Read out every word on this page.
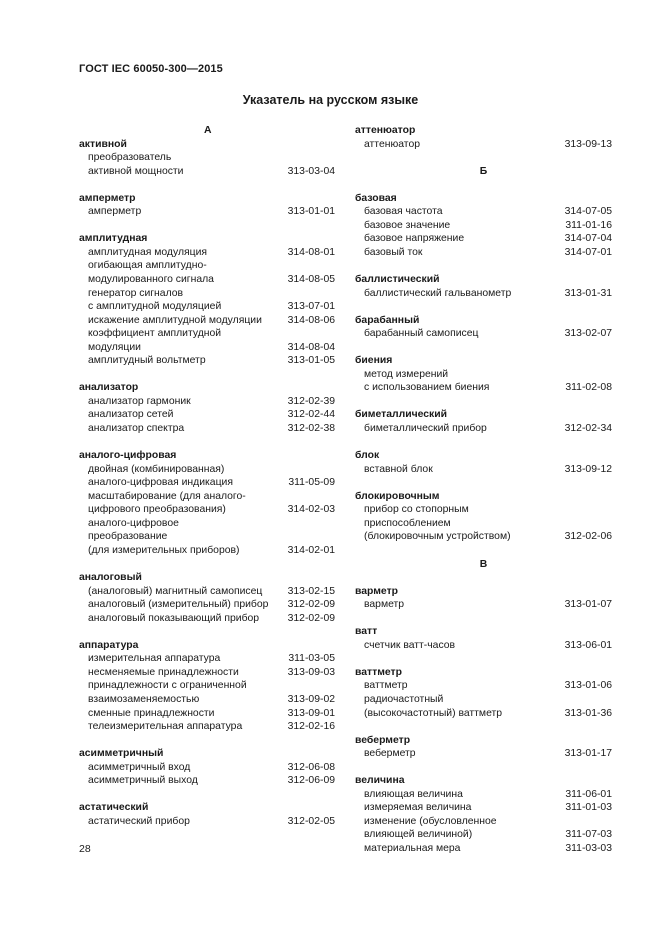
ГОСТ IEC 60050-300—2015
Указатель на русском языке
А
активной
преобразователь
активной мощности	313-03-04
амперметр
амперметр	313-01-01
амплитудная
амплитудная модуляция	314-08-01
огибающая амплитудно-
модулированного сигнала	314-08-05
генератор сигналов
с амплитудной модуляцией	313-07-01
искажение амплитудной модуляции 314-08-06
коэффициент амплитудной
модуляции	314-08-04
амплитудный вольтметр	313-01-05
анализатор
анализатор гармоник	312-02-39
анализатор сетей	312-02-44
анализатор спектра	312-02-38
аналого-цифровая
двойная (комбинированная)
аналого-цифровая индикация	311-05-09
масштабирование (для аналого-
цифрового преобразования)	314-02-03
аналого-цифровое
преобразование
(для измерительных приборов)	314-02-01
аналоговый
(аналоговый) магнитный самописец 313-02-15
аналоговый (измерительный) прибор 312-02-09
аналоговый показывающий прибор	312-02-09
аппаратура
измерительная аппаратура	311-03-05
несменяемые принадлежности	313-09-03
принадлежности с ограниченной
взаимозаменяемостью	313-09-02
сменные принадлежности	313-09-01
телеизмерительная аппаратура	312-02-16
асимметричный
асимметричный вход	312-06-08
асимметричный выход	312-06-09
астатический
астатический прибор	312-02-05
аттенюатор
аттенюатор	313-09-13
Б
базовая
базовая частота	314-07-05
базовое значение	311-01-16
базовое напряжение	314-07-04
базовый ток	314-07-01
баллистический
баллистический гальванометр	313-01-31
барабанный
барабанный самописец	313-02-07
биения
метод измерений
с использованием биения	311-02-08
биметаллический
биметаллический прибор	312-02-34
блок
вставной блок	313-09-12
блокировочным
прибор со стопорным
приспособлением
(блокировочным устройством)	312-02-06
В
варметр
варметр	313-01-07
ватт
счетчик ватт-часов	313-06-01
ваттметр
ваттметр	313-01-06
радиочастотный
(высокочастотный) ваттметр	313-01-36
веберметр
веберметр	313-01-17
величина
влияющая величина	311-06-01
измеряемая величина	311-01-03
изменение (обусловленное
влияющей величиной)	311-07-03
материальная мера	311-03-03
28
